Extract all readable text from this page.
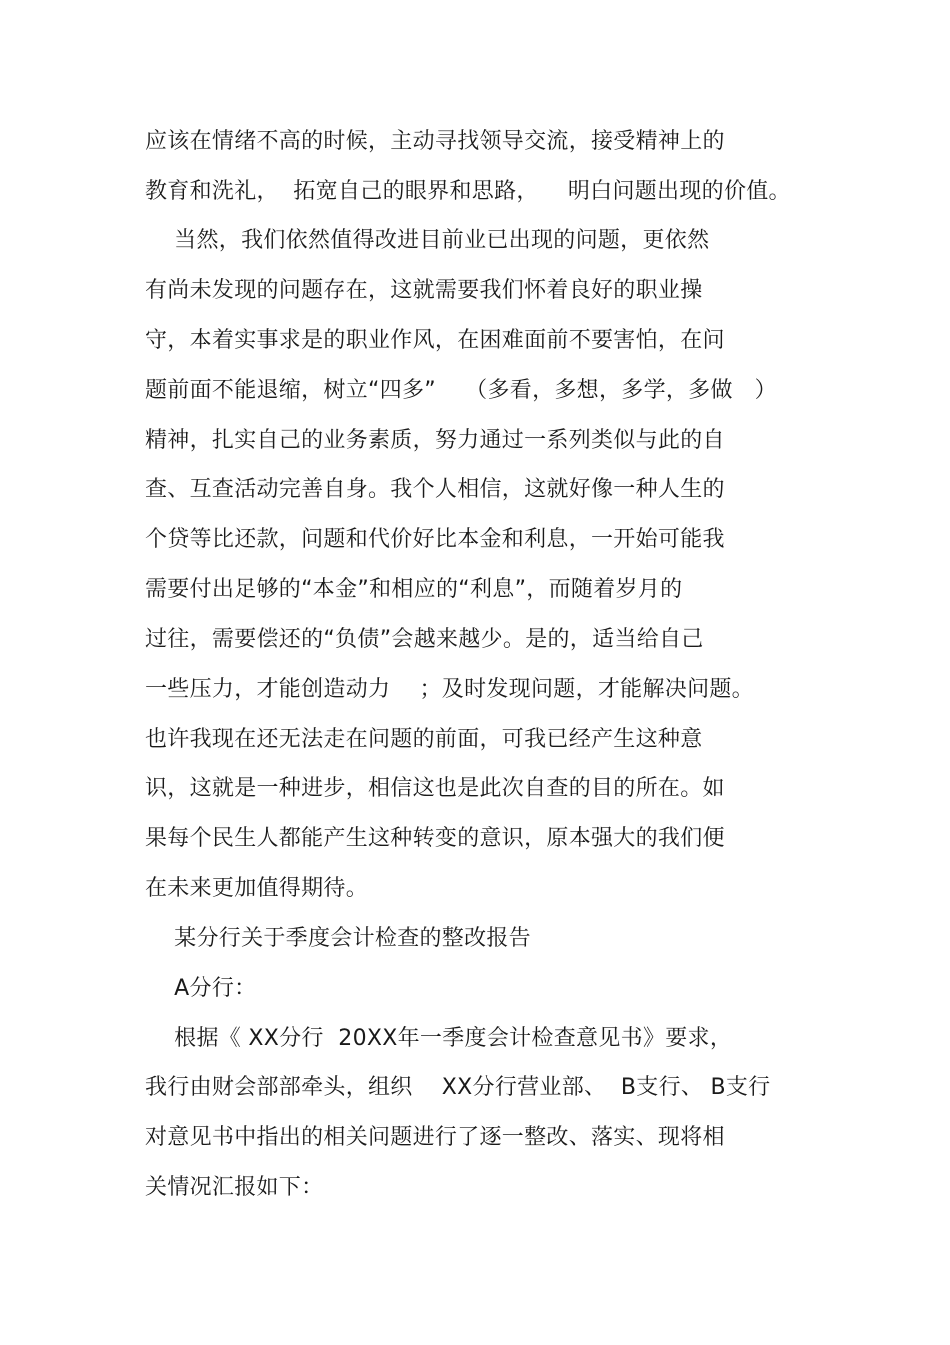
应该在情绪不高的时候，主动寻找领导交流，接受精神上的
教育和洗礼，  拓宽自己的眼界和思路，    明白问题出现的价值。
当然，我们依然值得改进目前业已出现的问题，更依然
有尚未发现的问题存在，这就需要我们怀着良好的职业操
守，本着实事求是的职业作风，在困难面前不要害怕，在问
题前面不能退缩，树立“四多”    （多看，多想，多学，多做   ）
精神，扎实自己的业务素质，努力通过一系列类似与此的自
查、互查活动完善自身。我个人相信，这就好像一种人生的
个贷等比还款，问题和代价好比本金和利息，一开始可能我
需要付出足够的“本金”和相应的“利息”，而随着岁月的
过往，需要偿还的“负债”会越来越少。是的，适当给自己
一些压力，才能创造动力    ；及时发现问题，才能解决问题。
也许我现在还无法走在问题的前面，可我已经产生这种意
识，这就是一种进步，相信这也是此次自查的目的所在。如
果每个民生人都能产生这种转变的意识，原本强大的我们便
在未来更加值得期待。
某分行关于季度会计检查的整改报告
A分行：
根据《 XX分行  20XX年一季度会计检查意见书》要求，
我行由财会部部牵头，组织    XX分行营业部、  B支行、 B支行
对意见书中指出的相关问题进行了逐一整改、落实、现将相
关情况汇报如下：
